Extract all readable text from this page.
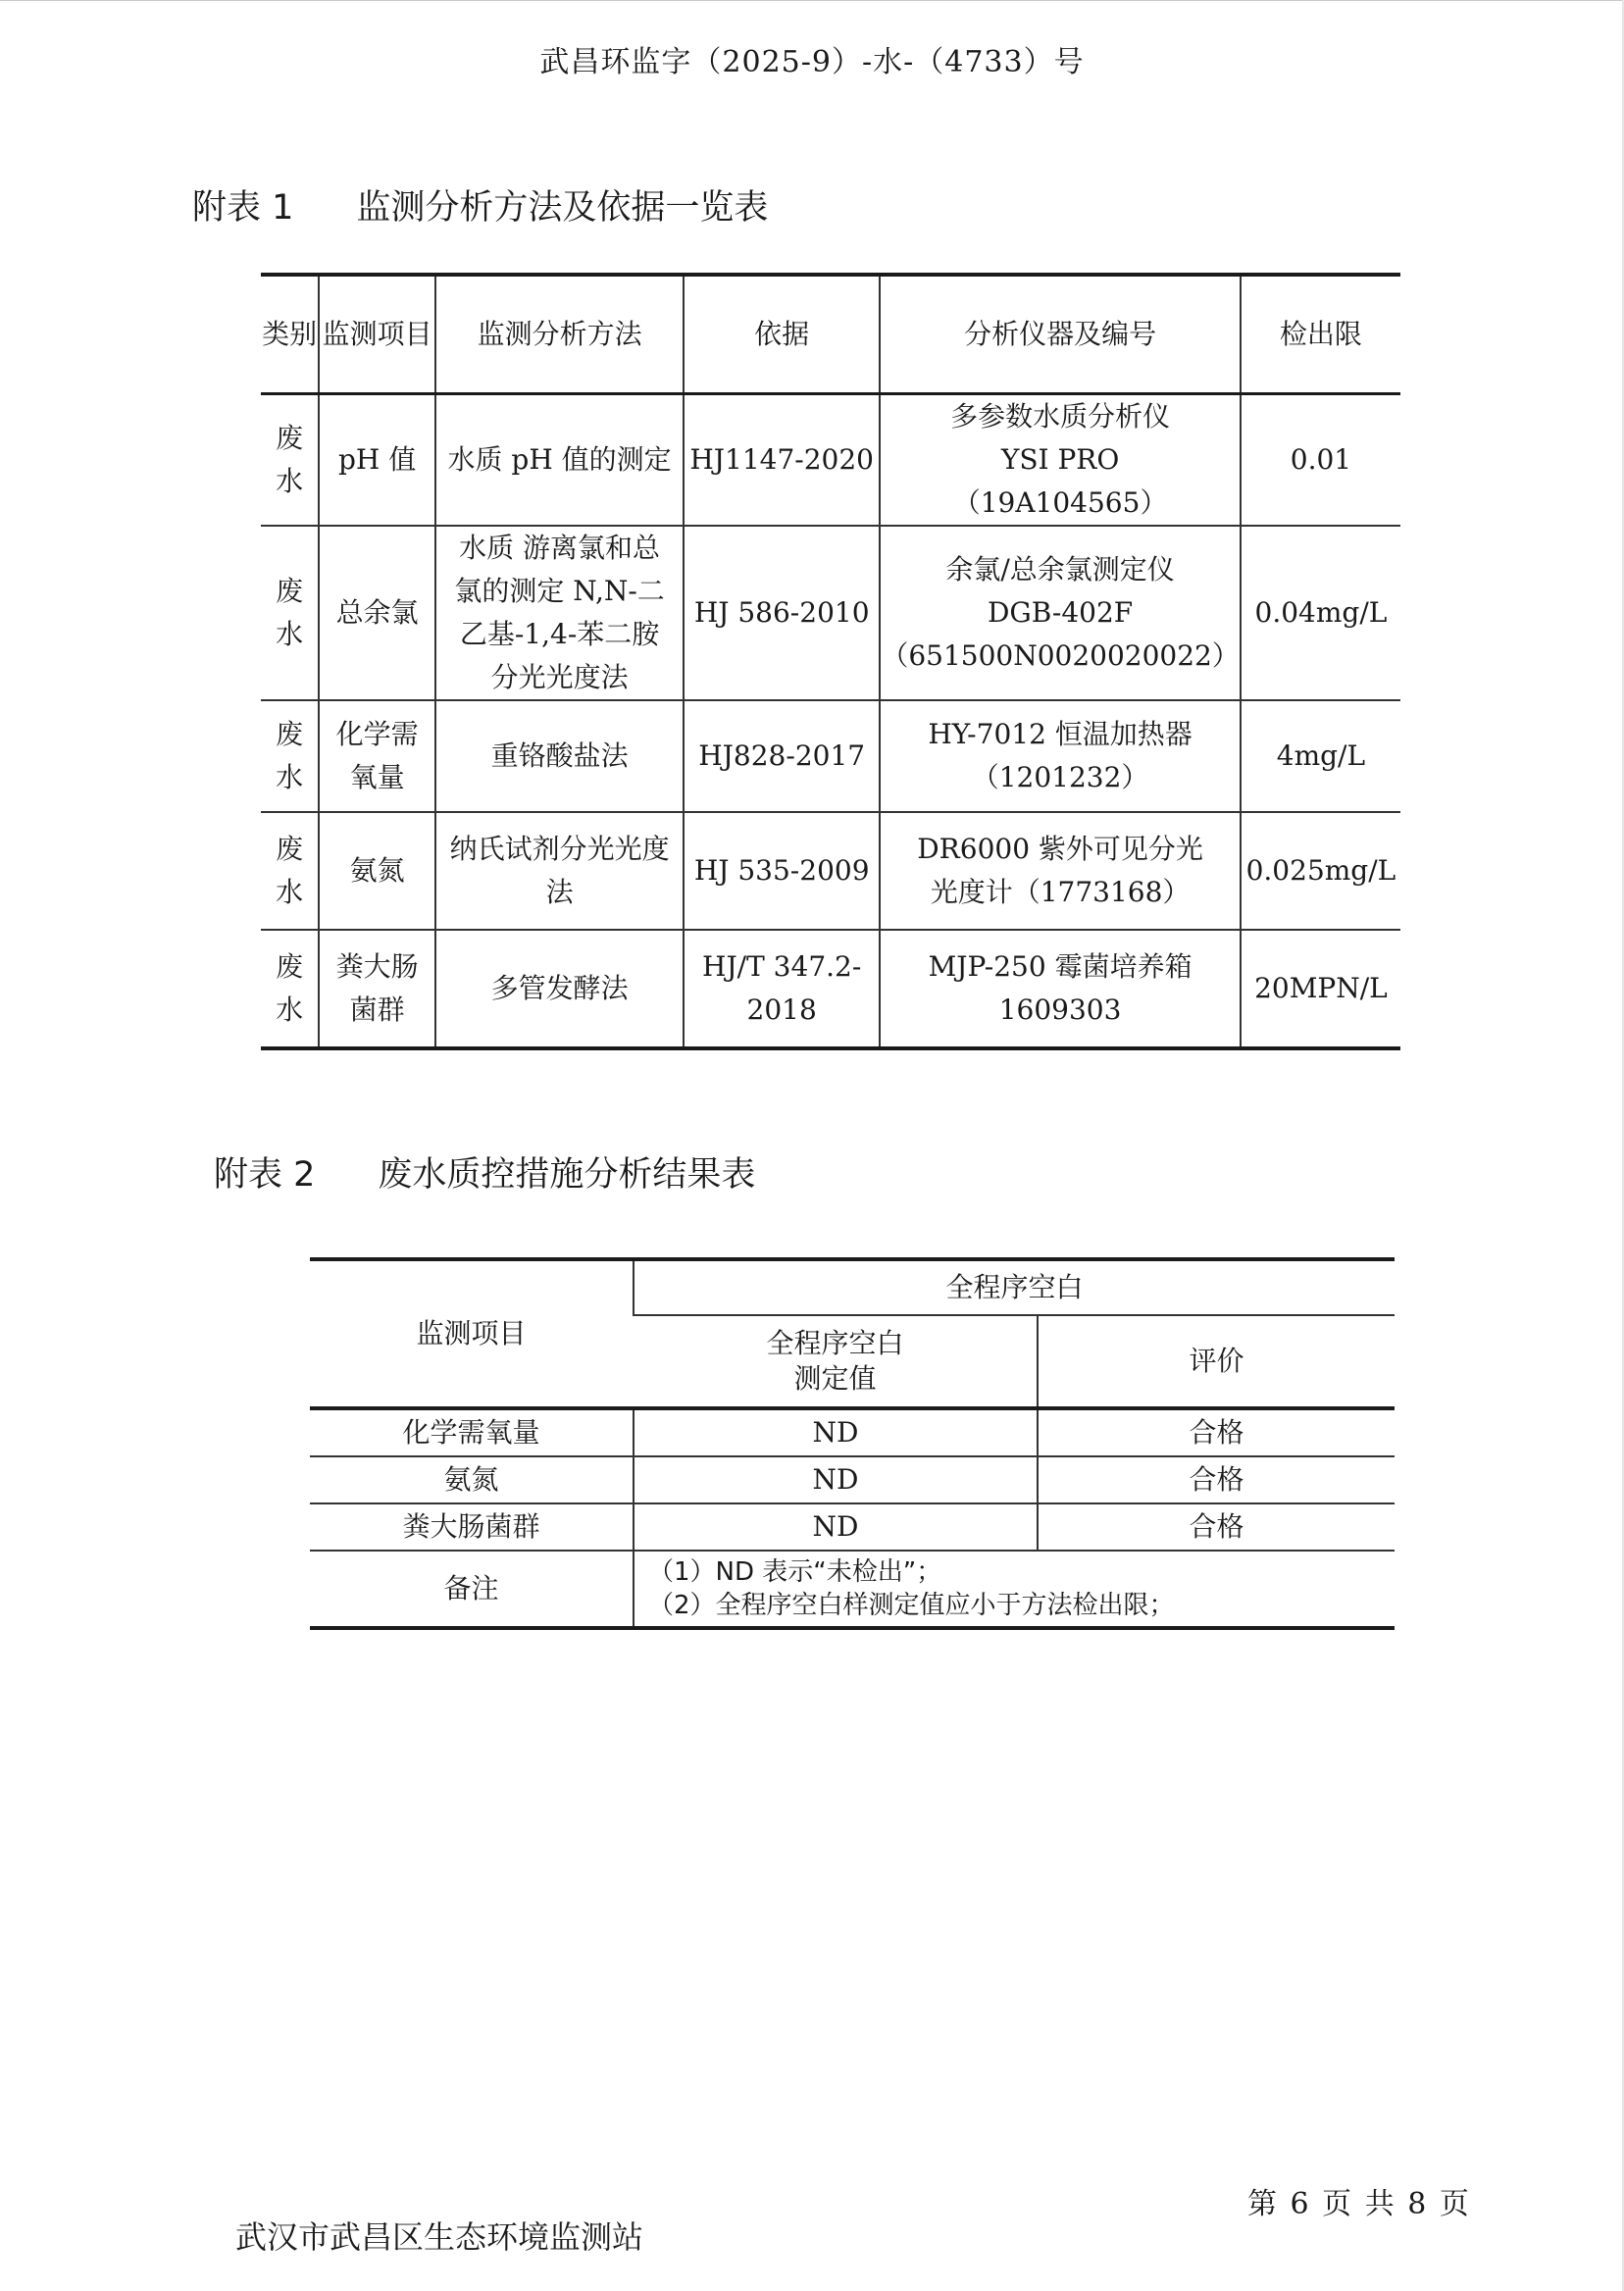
武昌环监字（2025-9）-水-（4733）号
附表 1 监测分析方法及依据一览表
类别	监测项目	监测分析方法	依据	分析仪器及编号	检出限

废
水	pH 值	水质 pH 值的测定	HJ1147-2020	多参数水质分析仪
YSI PRO
（19A104565）	0.01

废
水	总余氯	水质 游离氯和总
氯的测定 N,N-二
乙基-1,4-苯二胺
分光光度法	HJ 586-2010	余氯/总余氯测定仪
DGB-402F
（651500N0020020022）	0.04mg/L

废
水	化学需
氧量	重铬酸盐法	HJ828-2017	HY-7012 恒温加热器
（1201232）	4mg/L

废
水	氨氮	纳氏试剂分光光度
法	HJ 535-2009	DR6000 紫外可见分光
光度计（1773168）	0.025mg/L

废
水	粪大肠
菌群	多管发酵法	HJ/T 347.2-
2018	MJP-250 霉菌培养箱
1609303	20MPN/L
附表 2 废水质控措施分析结果表
监测项目	全程序空白	

	全程序空白
测定值	评价
化学需氧量	ND	合格
氨氮	ND	合格
粪大肠菌群	ND	合格
备注	（1）ND 表示“未检出”；
（2）全程序空白样测定值应小于方法检出限；	
武汉市武昌区生态环境监测站
第 6 页 共 8 页
